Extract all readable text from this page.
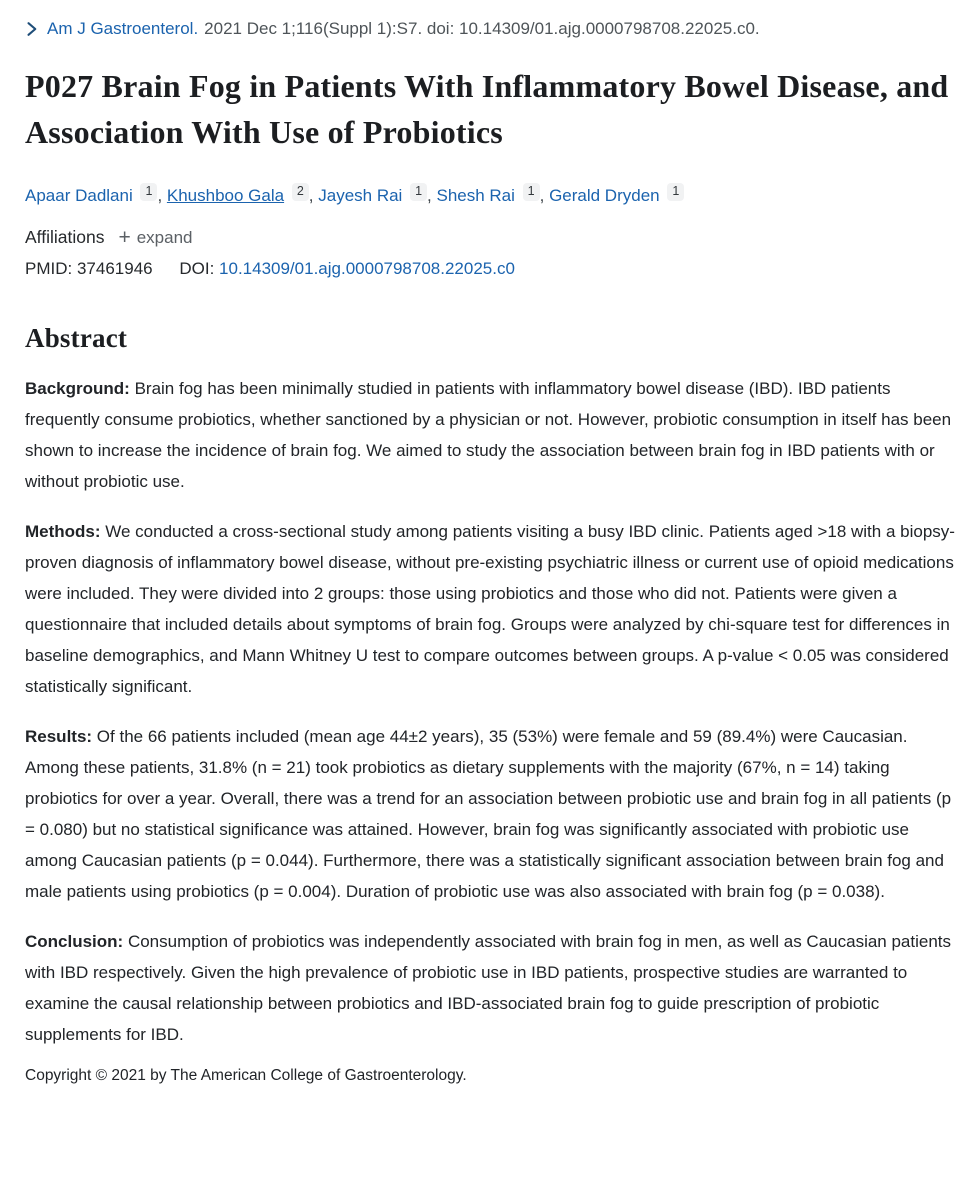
Am J Gastroenterol. 2021 Dec 1;116(Suppl 1):S7. doi: 10.14309/01.ajg.0000798708.22025.c0.
P027 Brain Fog in Patients With Inflammatory Bowel Disease, and Association With Use of Probiotics
Apaar Dadlani $^1$ , Khushboo Gala $^2$ , Jayesh Rai $^1$ , Shesh Rai $^1$ , Gerald Dryden $^1$
Affiliations + expand
PMID: 37461946 DOI: 10.14309/01.ajg.0000798708.22025.c0
Abstract

Background: Brain fog has been minimally studied in patients with inflammatory bowel disease (IBD). IBD patients frequently consume probiotics, whether sanctioned by a physician or not. However, probiotic consumption in itself has been shown to increase the incidence of brain fog. We aimed to study the association between brain fog in IBD patients with or without probiotic use.

Methods: We conducted a cross-sectional study among patients visiting a busy IBD clinic. Patients aged >18 with a biopsy-proven diagnosis of inflammatory bowel disease, without pre-existing psychiatric illness or current use of opioid medications were included. They were divided into 2 groups: those using probiotics and those who did not. Patients were given a questionnaire that included details about symptoms of brain fog. Groups were analyzed by chi-square test for differences in baseline demographics, and Mann Whitney U test to compare outcomes between groups. A p-value < 0.05 was considered statistically significant.

Results: Of the 66 patients included (mean age 44±2 years), 35 (53%) were female and 59 (89.4%) were Caucasian. Among these patients, 31.8% (n = 21) took probiotics as dietary supplements with the majority (67%, n = 14) taking probiotics for over a year. Overall, there was a trend for an association between probiotic use and brain fog in all patients (p = 0.080) but no statistical significance was attained. However, brain fog was significantly associated with probiotic use among Caucasian patients (p = 0.044). Furthermore, there was a statistically significant association between brain fog and male patients using probiotics (p = 0.004). Duration of probiotic use was also associated with brain fog (p = 0.038).

Conclusion: Consumption of probiotics was independently associated with brain fog in men, as well as Caucasian patients with IBD respectively. Given the high prevalence of probiotic use in IBD patients, prospective studies are warranted to examine the causal relationship between probiotics and IBD-associated brain fog to guide prescription of probiotic supplements for IBD.

Copyright © 2021 by The American College of Gastroenterology.
